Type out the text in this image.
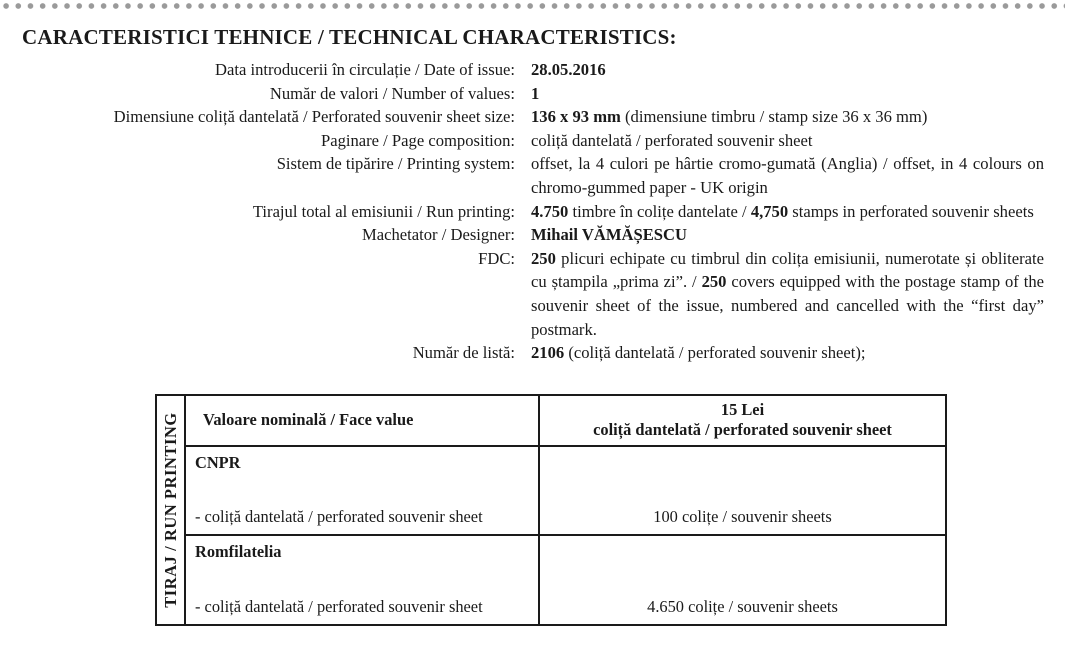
CARACTERISTICI TEHNICE / TECHNICAL CHARACTERISTICS:
Data introducerii în circulație / Date of issue: 28.05.2016
Număr de valori / Number of values: 1
Dimensiune coliță dantelată / Perforated souvenir sheet size: 136 x 93 mm (dimensiune timbru / stamp size 36 x 36 mm)
Paginare / Page composition: coliță dantelată / perforated souvenir sheet
Sistem de tipărire / Printing system: offset, la 4 culori pe hârtie cromo-gumată (Anglia) / offset, in 4 colours on chromo-gummed paper - UK origin
Tirajul total al emisiunii / Run printing: 4.750 timbre în colițe dantelate / 4,750 stamps in perforated souvenir sheets
Machetator / Designer: Mihail VĂMĂȘESCU
FDC: 250 plicuri echipate cu timbrul din colița emisiunii, numerotate și obliterate cu ștampila „prima zi”. / 250 covers equipped with the postage stamp of the souvenir sheet of the issue, numbered and cancelled with the “first day” postmark.
Număr de listă: 2106 (coliță dantelată / perforated souvenir sheet);
TIRAJ / RUN PRINTING	Valoare nominală / Face value	15 Lei
coliță dantelată / perforated souvenir sheet

	CNPR
- coliță dantelată / perforated souvenir sheet	100 colițe / souvenir sheets

	Romfilatelia
- coliță dantelată / perforated souvenir sheet	4.650 colițe / souvenir sheets
